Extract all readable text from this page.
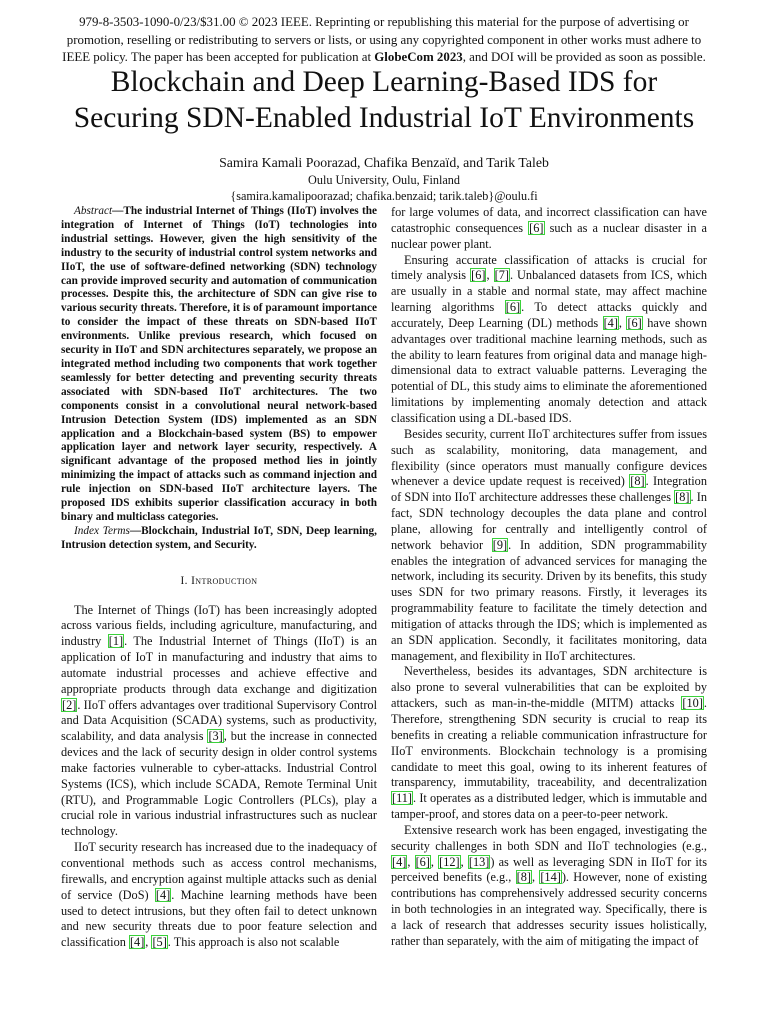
979-8-3503-1090-0/23/$31.00 © 2023 IEEE. Reprinting or republishing this material for the purpose of advertising or
promotion, reselling or redistributing to servers or lists, or using any copyrighted component in other works must adhere to
IEEE policy. The paper has been accepted for publication at GlobeCom 2023, and DOI will be provided as soon as possible.
Blockchain and Deep Learning-Based IDS for
Securing SDN-Enabled Industrial IoT Environments
Samira Kamali Poorazad, Chafika Benzaïd, and Tarik Taleb
Oulu University, Oulu, Finland
{samira.kamalipoorazad; chafika.benzaid; tarik.taleb}@oulu.fi

Abstract—The industrial Internet of Things (IIoT) involves the integration of Internet of Things (IoT) technologies into industrial settings. However, given the high sensitivity of the industry to the security of industrial control system networks and IIoT, the use of software-defined networking (SDN) technology can provide improved security and automation of communication processes. Despite this, the architecture of SDN can give rise to various security threats. Therefore, it is of paramount importance to consider the impact of these threats on SDN-based IIoT environments. Unlike previous research, which focused on security in IIoT and SDN architectures separately, we propose an integrated method including two components that work together seamlessly for better detecting and preventing security threats associated with SDN-based IIoT architectures. The two components consist in a convolutional neural network-based Intrusion Detection System (IDS) implemented as an SDN application and a Blockchain-based system (BS) to empower application layer and network layer security, respectively. A significant advantage of the proposed method lies in jointly minimizing the impact of attacks such as command injection and rule injection on SDN-based IIoT architecture layers. The proposed IDS exhibits superior classification accuracy in both binary and multiclass categories.

Index Terms—Blockchain, Industrial IoT, SDN, Deep learning, Intrusion detection system, and Security.

I. Introduction

The Internet of Things (IoT) has been increasingly adopted across various fields, including agriculture, manufacturing, and industry [1]. The Industrial Internet of Things (IIoT) is an application of IoT in manufacturing and industry that aims to automate industrial processes and achieve effective and appropriate products through data exchange and digitization [2]. IIoT offers advantages over traditional Supervisory Control and Data Acquisition (SCADA) systems, such as productivity, scalability, and data analysis [3], but the increase in connected devices and the lack of security design in older control systems make factories vulnerable to cyber-attacks. Industrial Control Systems (ICS), which include SCADA, Remote Terminal Unit (RTU), and Programmable Logic Controllers (PLCs), play a crucial role in various industrial infrastructures such as nuclear technology.

IIoT security research has increased due to the inadequacy of conventional methods such as access control mechanisms, firewalls, and encryption against multiple attacks such as denial of service (DoS) [4]. Machine learning methods have been used to detect intrusions, but they often fail to detect unknown and new security threats due to poor feature selection and classification [4], [5]. This approach is also not scalable

for large volumes of data, and incorrect classification can have catastrophic consequences [6] such as a nuclear disaster in a nuclear power plant.

Ensuring accurate classification of attacks is crucial for timely analysis [6], [7]. Unbalanced datasets from ICS, which are usually in a stable and normal state, may affect machine learning algorithms [6]. To detect attacks quickly and accurately, Deep Learning (DL) methods [4], [6] have shown advantages over traditional machine learning methods, such as the ability to learn features from original data and manage high-dimensional data to extract valuable patterns. Leveraging the potential of DL, this study aims to eliminate the aforementioned limitations by implementing anomaly detection and attack classification using a DL-based IDS.

Besides security, current IIoT architectures suffer from issues such as scalability, monitoring, data management, and flexibility (since operators must manually configure devices whenever a device update request is received) [8]. Integration of SDN into IIoT architecture addresses these challenges [8]. In fact, SDN technology decouples the data plane and control plane, allowing for centrally and intelligently control of network behavior [9]. In addition, SDN programmability enables the integration of advanced services for managing the network, including its security. Driven by its benefits, this study uses SDN for two primary reasons. Firstly, it leverages its programmability feature to facilitate the timely detection and mitigation of attacks through the IDS; which is implemented as an SDN application. Secondly, it facilitates monitoring, data management, and flexibility in IIoT architectures.

Nevertheless, besides its advantages, SDN architecture is also prone to several vulnerabilities that can be exploited by attackers, such as man-in-the-middle (MITM) attacks [10]. Therefore, strengthening SDN security is crucial to reap its benefits in creating a reliable communication infrastructure for IIoT environments. Blockchain technology is a promising candidate to meet this goal, owing to its inherent features of transparency, immutability, traceability, and decentralization [11]. It operates as a distributed ledger, which is immutable and tamper-proof, and stores data on a peer-to-peer network.

Extensive research work has been engaged, investigating the security challenges in both SDN and IIoT technologies (e.g., [4], [6], [12], [13]) as well as leveraging SDN in IIoT for its perceived benefits (e.g., [8], [14]). However, none of existing contributions has comprehensively addressed security concerns in both technologies in an integrated way. Specifically, there is a lack of research that addresses security issues holistically, rather than separately, with the aim of mitigating the impact of
